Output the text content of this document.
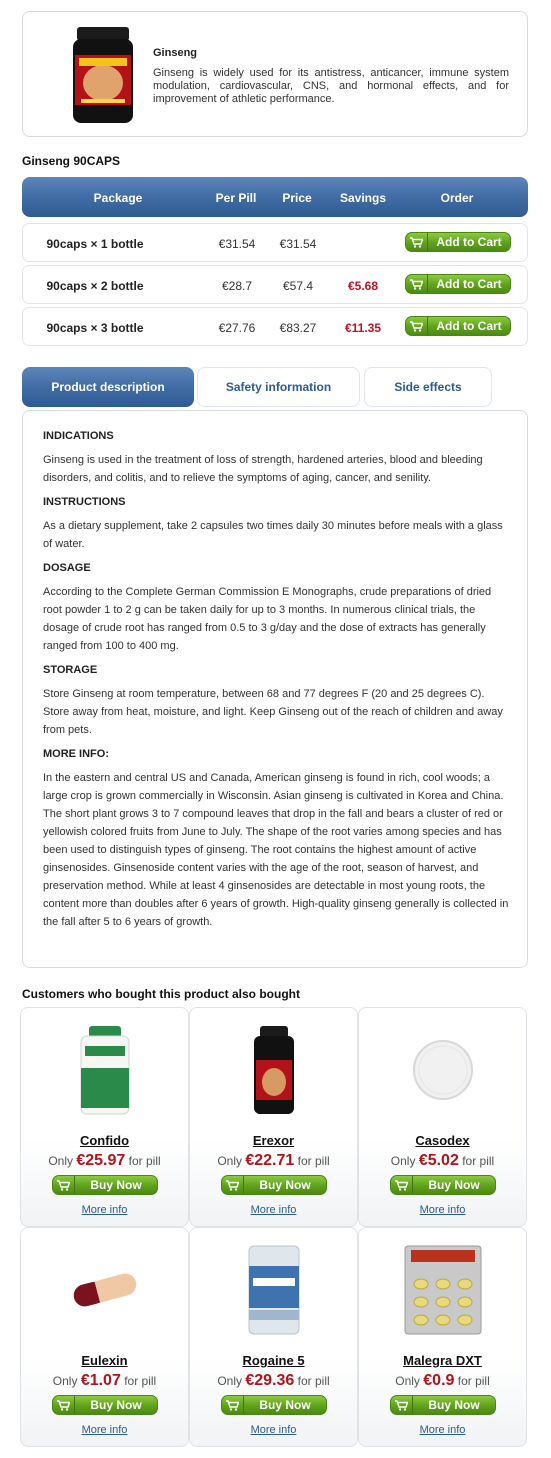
Ginseng
Ginseng is widely used for its antistress, anticancer, immune system modulation, cardiovascular, CNS, and hormonal effects, and for improvement of athletic performance.
Ginseng 90CAPS
Package	Per Pill Price Savings	Order
90caps × 1 bottle	€31.54 €31.54	Add to Cart
90caps × 2 bottle	€28.7	€57.4	€5.68	Add to Cart
90caps × 3 bottle	€27.76 €83.27 €11.35	Add to Cart
Product description	Safety information	Side effects
INDICATIONS

Ginseng is used in the treatment of loss of strength, hardened arteries, blood and bleeding disorders, and colitis, and to relieve the symptoms of aging, cancer, and senility.

INSTRUCTIONS

As a dietary supplement, take 2 capsules two times daily 30 minutes before meals with a glass of water.

DOSAGE

According to the Complete German Commission E Monographs, crude preparations of dried root powder 1 to 2 g can be taken daily for up to 3 months. In numerous clinical trials, the dosage of crude root has ranged from 0.5 to 3 g/day and the dose of extracts has generally ranged from 100 to 400 mg.

STORAGE

Store Ginseng at room temperature, between 68 and 77 degrees F (20 and 25 degrees C). Store away from heat, moisture, and light. Keep Ginseng out of the reach of children and away from pets.

MORE INFO:

In the eastern and central US and Canada, American ginseng is found in rich, cool woods; a large crop is grown commercially in Wisconsin. Asian ginseng is cultivated in Korea and China. The short plant grows 3 to 7 compound leaves that drop in the fall and bears a cluster of red or yellowish colored fruits from June to July. The shape of the root varies among species and has been used to distinguish types of ginseng. The root contains the highest amount of active ginsenosides. Ginsenoside content varies with the age of the root, season of harvest, and preservation method. While at least 4 ginsenosides are detectable in most young roots, the content more than doubles after 6 years of growth. High-quality ginseng generally is collected in the fall after 5 to 6 years of growth.

Customers who bought this product also bought
Confido
Only €25.97 for pill
Buy Now
More info
Erexor
Only €22.71 for pill
Buy Now
More info
Casodex
Only €5.02 for pill
Buy Now
More info
Eulexin
Only €1.07 for pill
Buy Now
More info
Rogaine 5
Only €29.36 for pill
Buy Now
More info
Malegra DXT
Only €0.9 for pill
Buy Now
More info
